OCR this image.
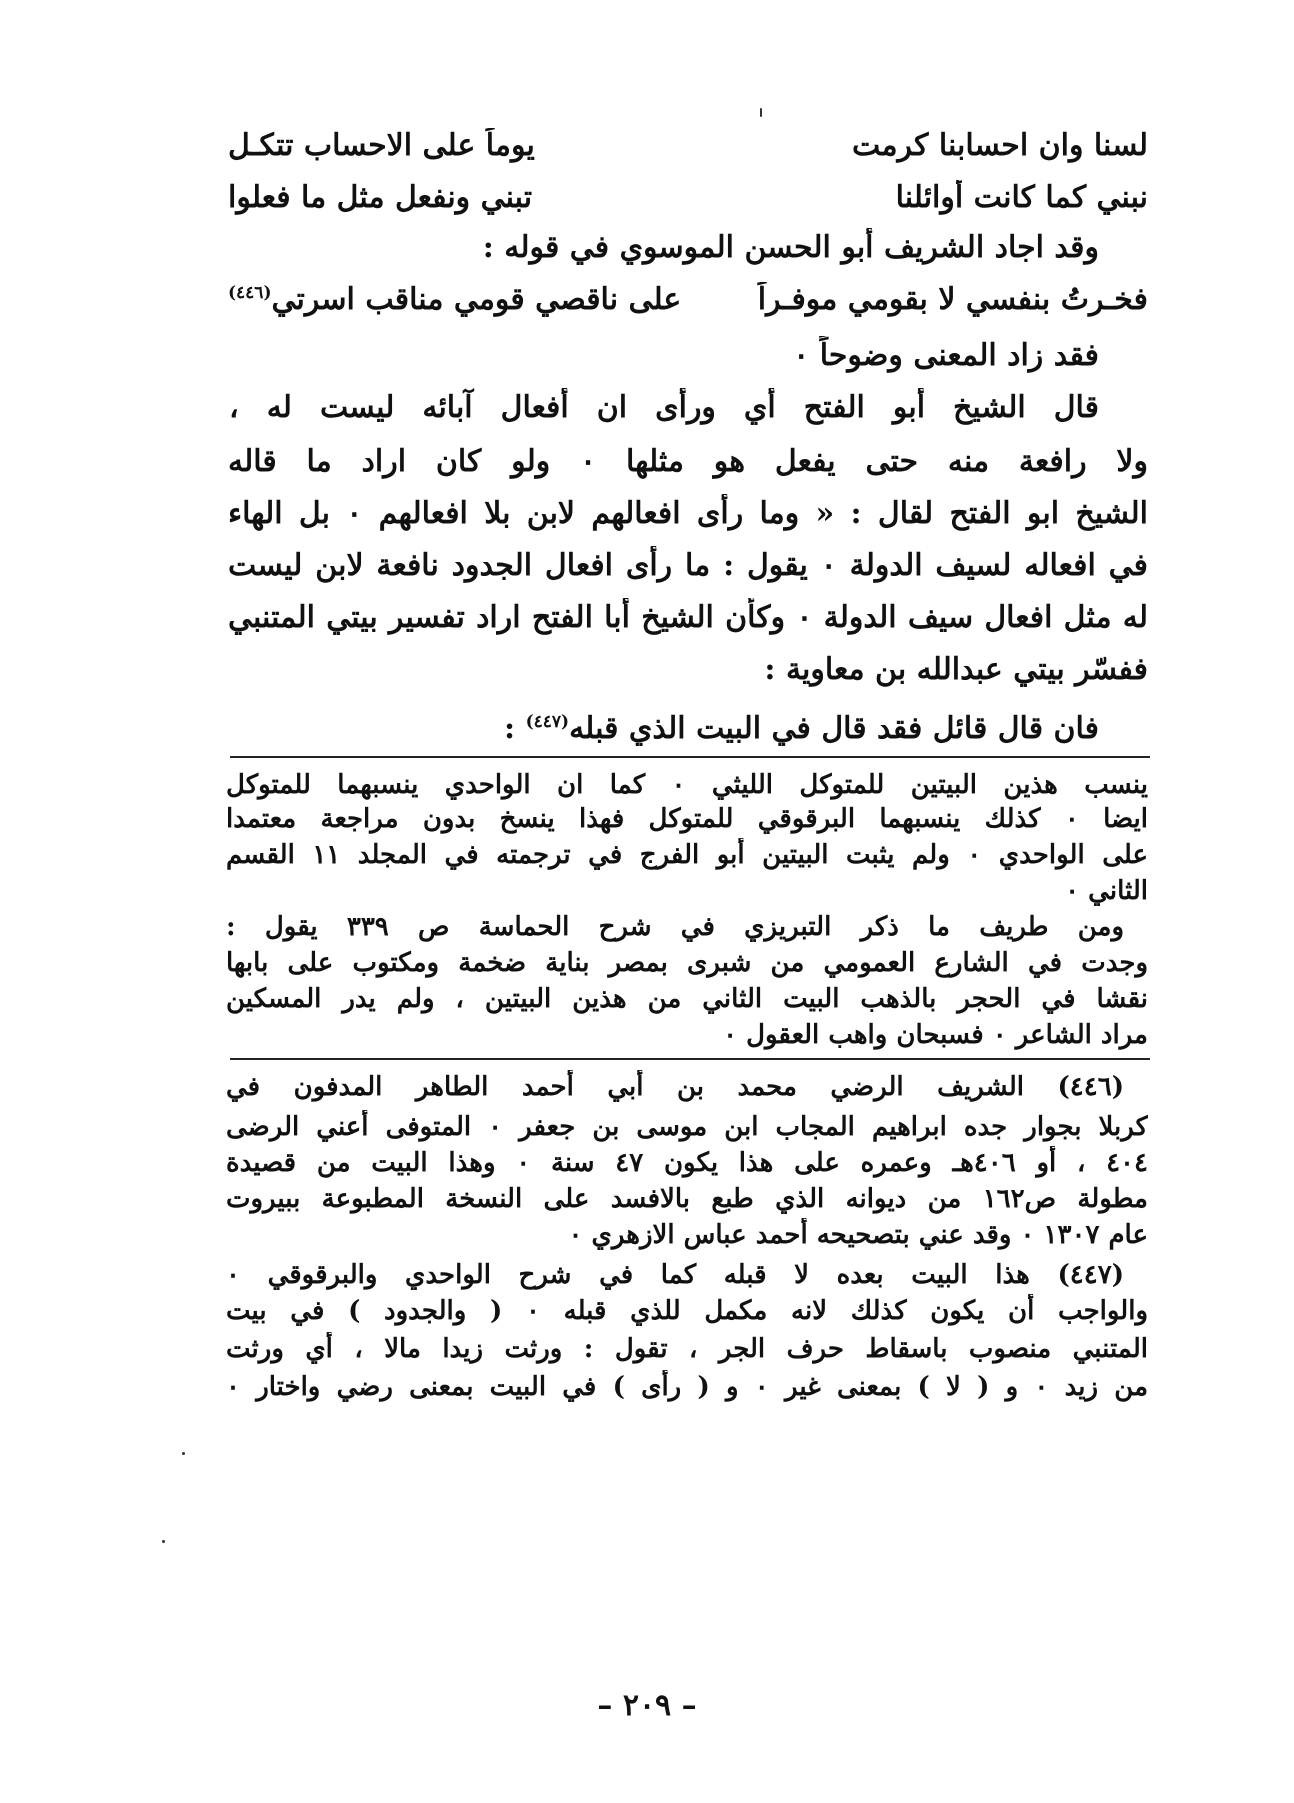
لسنا وان احسابنا كرمت
يوماً على الاحساب تتكـل
نبني كما كانت أوائلنا
تبني ونفعل مثل ما فعلوا
وقد اجاد الشريف أبو الحسن الموسوي في قوله :
فخـرتُ بنفسي لا بقومي موفـراً
على ناقصي قومي مناقب اسرتي$^{(٤٤٦)}$
فقد زاد المعنى وضوحاً ٠
قال الشيخ أبو الفتح أي ورأى ان أفعال آبائه ليست له ،
ولا رافعة منه حتى يفعل هو مثلها ٠ ولو كان اراد ما قاله
الشيخ ابو الفتح لقال : « وما رأى افعالهم لابن بلا افعالهم ٠ بل الهاء
في افعاله لسيف الدولة ٠ يقول : ما رأى افعال الجدود نافعة لابن ليست
له مثل افعال سيف الدولة ٠ وكأن الشيخ أبا الفتح اراد تفسير بيتي المتنبي
ففسّر بيتي عبدالله بن معاوية :
فان قال قائل فقد قال في البيت الذي قبله$^{(٤٤٧)}$ :
ينسب هذين البيتين للمتوكل الليثي ٠ كما ان الواحدي ينسبهما للمتوكل
ايضا ٠ كذلك ينسبهما البرقوقي للمتوكل فهذا ينسخ بدون مراجعة معتمدا
على الواحدي ٠ ولم يثبت البيتين أبو الفرج في ترجمته في المجلد ١١ القسم
الثاني ٠
ومن طريف ما ذكر التبريزي في شرح الحماسة ص ٣٣٩ يقول :
وجدت في الشارع العمومي من شبرى بمصر بناية ضخمة ومكتوب على بابها
نقشا في الحجر بالذهب البيت الثاني من هذين البيتين ، ولم يدر المسكين
مراد الشاعر ٠ فسبحان واهب العقول ٠
(٤٤٦) الشريف الرضي محمد بن أبي أحمد الطاهر المدفون في
كربلا بجوار جده ابراهيم المجاب ابن موسى بن جعفر ٠ المتوفى أعني الرضى
٤٠٤ ، أو ٤٠٦هـ وعمره على هذا يكون ٤٧ سنة ٠ وهذا البيت من قصيدة
مطولة ص١٦٢ من ديوانه الذي طبع بالافسد على النسخة المطبوعة ببيروت
عام ١٣٠٧ ٠ وقد عني بتصحيحه أحمد عباس الازهري ٠
(٤٤٧) هذا البيت بعده لا قبله كما في شرح الواحدي والبرقوقي ٠
والواجب أن يكون كذلك لانه مكمل للذي قبله ٠ ( والجدود ) في بيت
المتنبي منصوب باسقاط حرف الجر ، تقول : ورثت زيدا مالا ، أي ورثت
من زيد ٠ و ( لا ) بمعنى غير ٠ و ( رأى ) في البيت بمعنى رضي واختار ٠
– ٢٠٩ –
